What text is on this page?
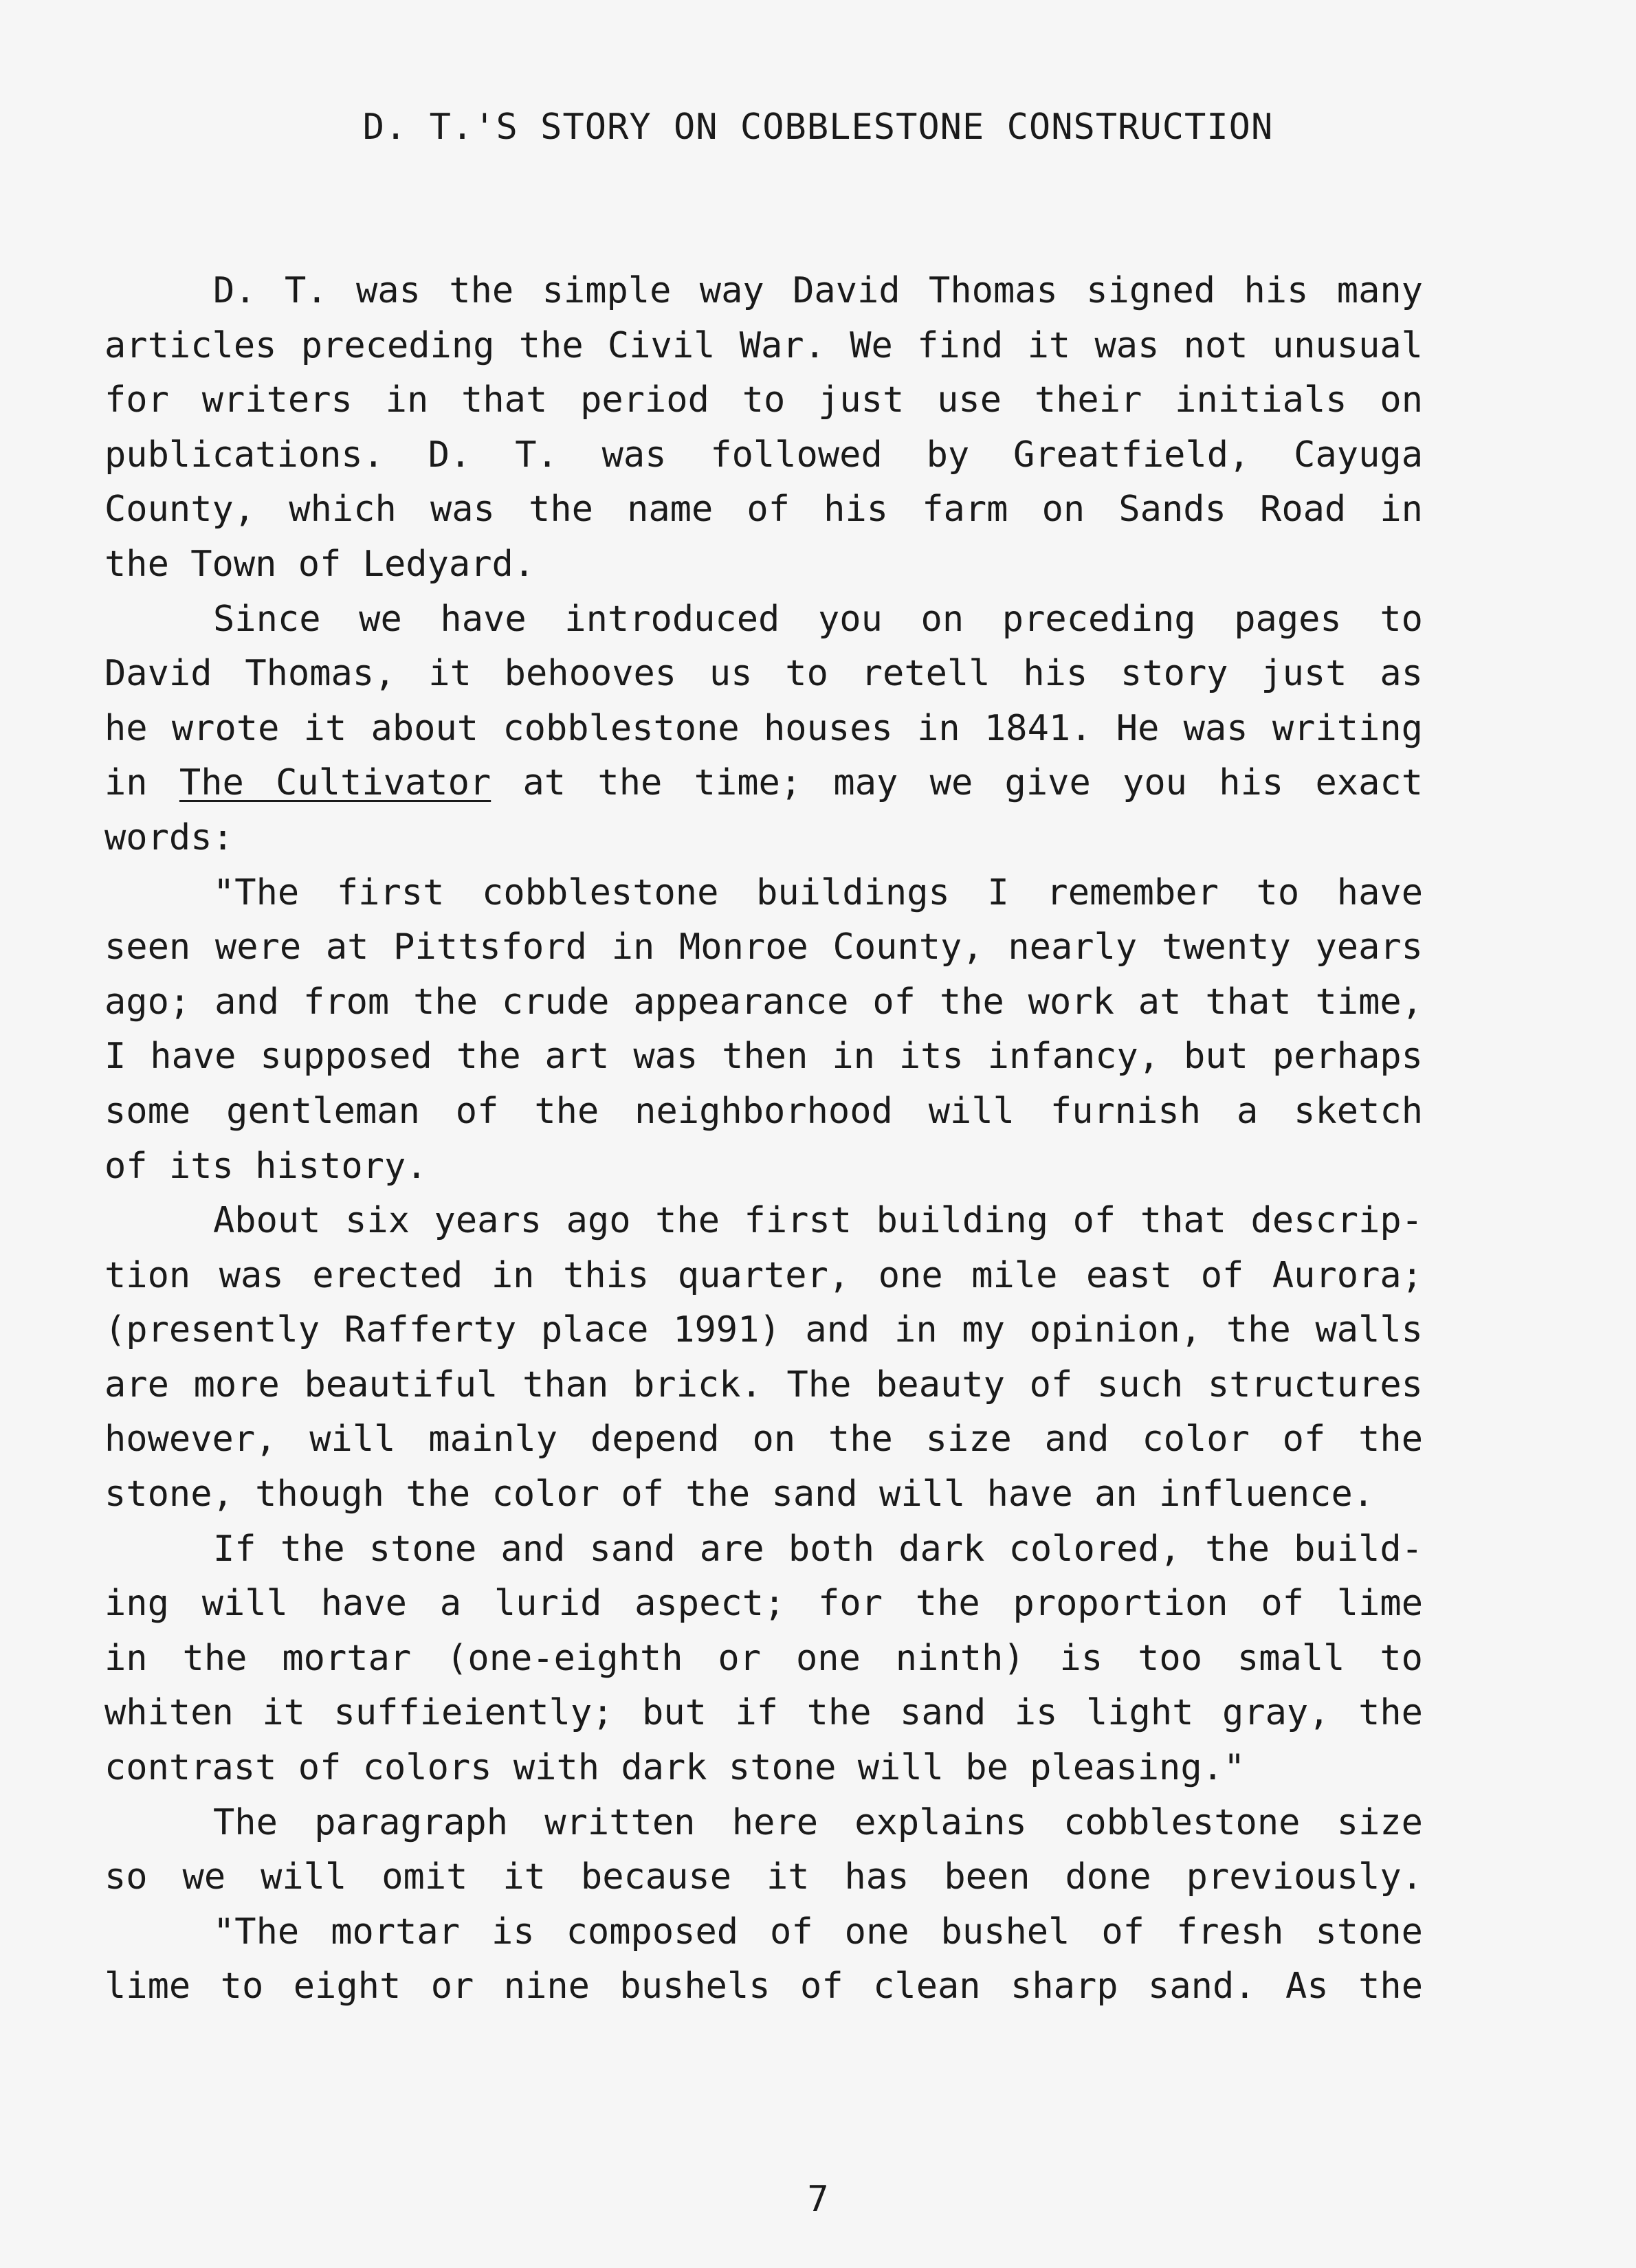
D. T.'S STORY ON COBBLESTONE CONSTRUCTION
D. T. was the simple way David Thomas signed his many
articles preceding the Civil War. We find it was not unusual
for writers in that period to just use their initials on
publications. D. T. was followed by Greatfield, Cayuga
County, which was the name of his farm on Sands Road in
the Town of Ledyard.
Since we have introduced you on preceding pages to
David Thomas, it behooves us to retell his story just as
he wrote it about cobblestone houses in 1841. He was writing
in The Cultivator at the time; may we give you his exact
words:
"The first cobblestone buildings I remember to have
seen were at Pittsford in Monroe County, nearly twenty years
ago; and from the crude appearance of the work at that time,
I have supposed the art was then in its infancy, but perhaps
some gentleman of the neighborhood will furnish a sketch
of its history.
About six years ago the first building of that descrip-
tion was erected in this quarter, one mile east of Aurora;
(presently Rafferty place 1991) and in my opinion, the walls
are more beautiful than brick. The beauty of such structures
however, will mainly depend on the size and color of the
stone, though the color of the sand will have an influence.
If the stone and sand are both dark colored, the build-
ing will have a lurid aspect; for the proportion of lime
in the mortar (one-eighth or one ninth) is too small to
whiten it suffieiently; but if the sand is light gray, the
contrast of colors with dark stone will be pleasing."
The paragraph written here explains cobblestone size
so we will omit it because it has been done previously.
"The mortar is composed of one bushel of fresh stone
lime to eight or nine bushels of clean sharp sand. As the
7
